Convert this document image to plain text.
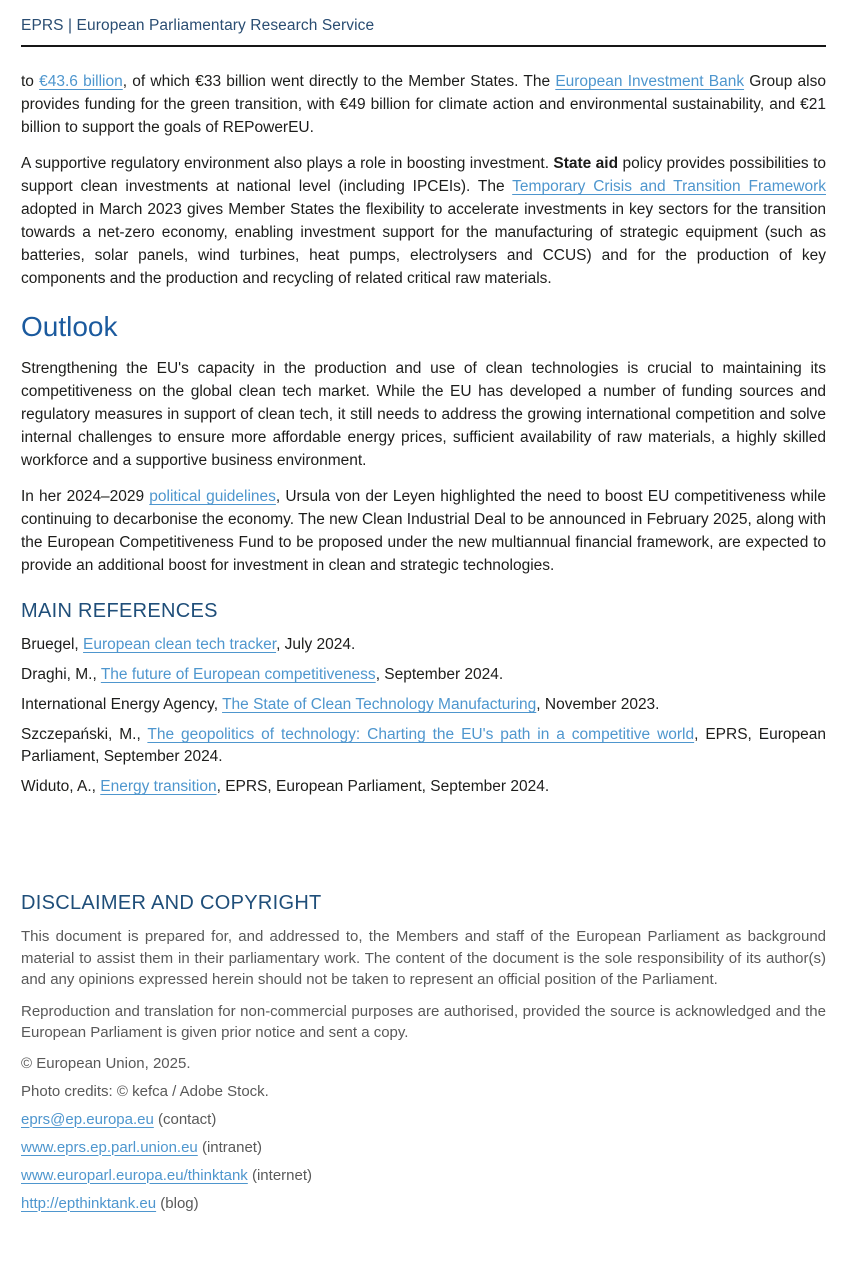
EPRS | European Parliamentary Research Service

to €43.6 billion, of which €33 billion went directly to the Member States. The European Investment Bank Group also provides funding for the green transition, with €49 billion for climate action and environmental sustainability, and €21 billion to support the goals of REPowerEU.

A supportive regulatory environment also plays a role in boosting investment. State aid policy provides possibilities to support clean investments at national level (including IPCEIs). The Temporary Crisis and Transition Framework adopted in March 2023 gives Member States the flexibility to accelerate investments in key sectors for the transition towards a net-zero economy, enabling investment support for the manufacturing of strategic equipment (such as batteries, solar panels, wind turbines, heat pumps, electrolysers and CCUS) and for the production of key components and the production and recycling of related critical raw materials.

Outlook

Strengthening the EU's capacity in the production and use of clean technologies is crucial to maintaining its competitiveness on the global clean tech market. While the EU has developed a number of funding sources and regulatory measures in support of clean tech, it still needs to address the growing international competition and solve internal challenges to ensure more affordable energy prices, sufficient availability of raw materials, a highly skilled workforce and a supportive business environment.

In her 2024–2029 political guidelines, Ursula von der Leyen highlighted the need to boost EU competitiveness while continuing to decarbonise the economy. The new Clean Industrial Deal to be announced in February 2025, along with the European Competitiveness Fund to be proposed under the new multiannual financial framework, are expected to provide an additional boost for investment in clean and strategic technologies.

MAIN REFERENCES

Bruegel, European clean tech tracker, July 2024.

Draghi, M., The future of European competitiveness, September 2024.

International Energy Agency, The State of Clean Technology Manufacturing, November 2023.

Szczepański, M., The geopolitics of technology: Charting the EU's path in a competitive world, EPRS, European Parliament, September 2024.

Widuto, A., Energy transition, EPRS, European Parliament, September 2024.

DISCLAIMER AND COPYRIGHT

This document is prepared for, and addressed to, the Members and staff of the European Parliament as background material to assist them in their parliamentary work. The content of the document is the sole responsibility of its author(s) and any opinions expressed herein should not be taken to represent an official position of the Parliament.

Reproduction and translation for non-commercial purposes are authorised, provided the source is acknowledged and the European Parliament is given prior notice and sent a copy.

© European Union, 2025.

Photo credits: © kefca / Adobe Stock.

eprs@ep.europa.eu (contact)

www.eprs.ep.parl.union.eu (intranet)

www.europarl.europa.eu/thinktank (internet)

http://epthinktank.eu (blog)
